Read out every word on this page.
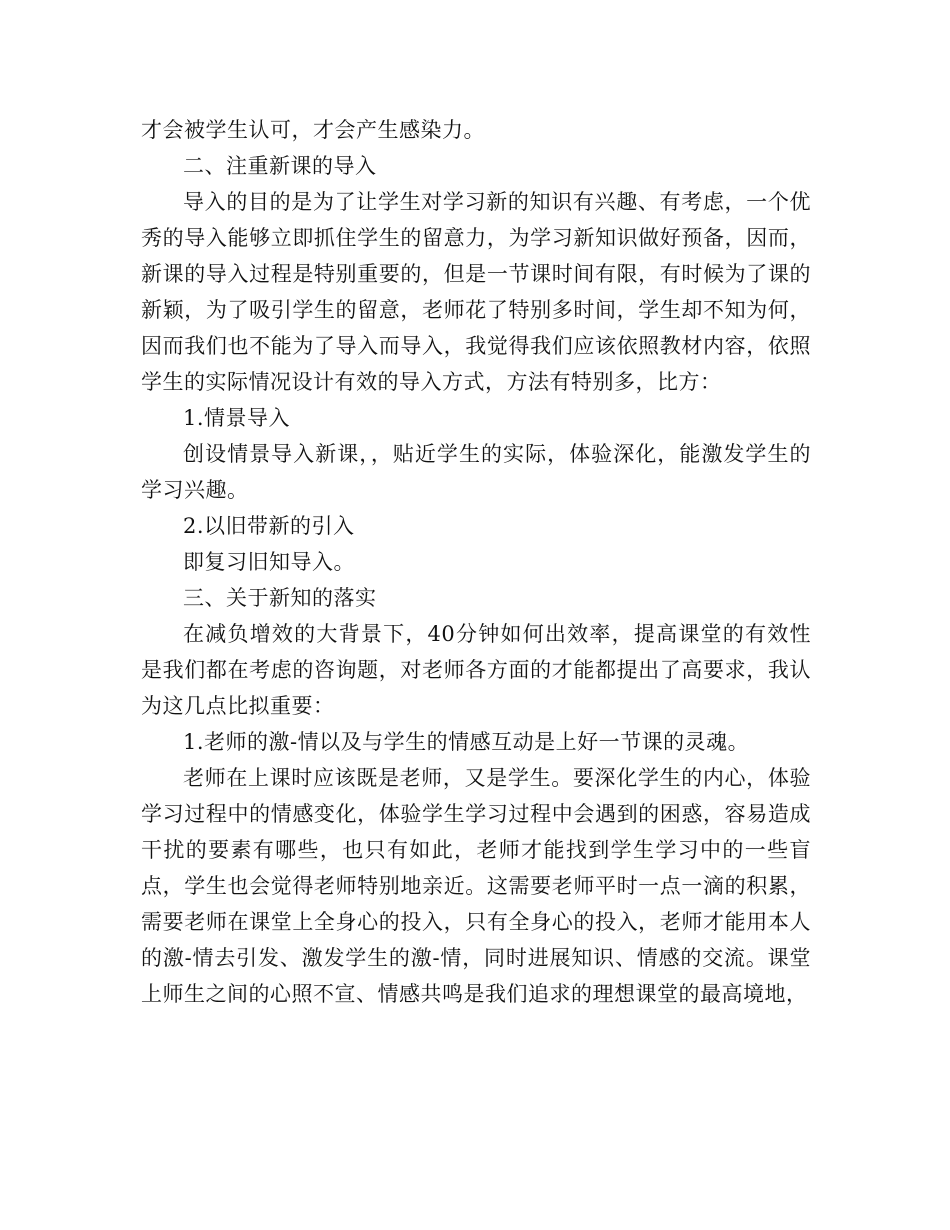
才会被学生认可，才会产生感染力。

二、注重新课的导入

导入的目的是为了让学生对学习新的知识有兴趣、有考虑，一个优秀的导入能够立即抓住学生的留意力，为学习新知识做好预备，因而，新课的导入过程是特别重要的，但是一节课时间有限，有时候为了课的新颖，为了吸引学生的留意，老师花了特别多时间，学生却不知为何，因而我们也不能为了导入而导入，我觉得我们应该依照教材内容，依照学生的实际情况设计有效的导入方式，方法有特别多，比方：

1.情景导入

创设情景导入新课，，贴近学生的实际，体验深化，能激发学生的学习兴趣。

2.以旧带新的引入

即复习旧知导入。

三、关于新知的落实

在减负增效的大背景下，40分钟如何出效率，提高课堂的有效性是我们都在考虑的咨询题，对老师各方面的才能都提出了高要求，我认为这几点比拟重要：

1.老师的激-情以及与学生的情感互动是上好一节课的灵魂。

老师在上课时应该既是老师，又是学生。要深化学生的内心，体验学习过程中的情感变化，体验学生学习过程中会遇到的困惑，容易造成干扰的要素有哪些，也只有如此，老师才能找到学生学习中的一些盲点，学生也会觉得老师特别地亲近。这需要老师平时一点一滴的积累，需要老师在课堂上全身心的投入，只有全身心的投入，老师才能用本人的激-情去引发、激发学生的激-情，同时进展知识、情感的交流。课堂上师生之间的心照不宣、情感共鸣是我们追求的理想课堂的最高境地，
